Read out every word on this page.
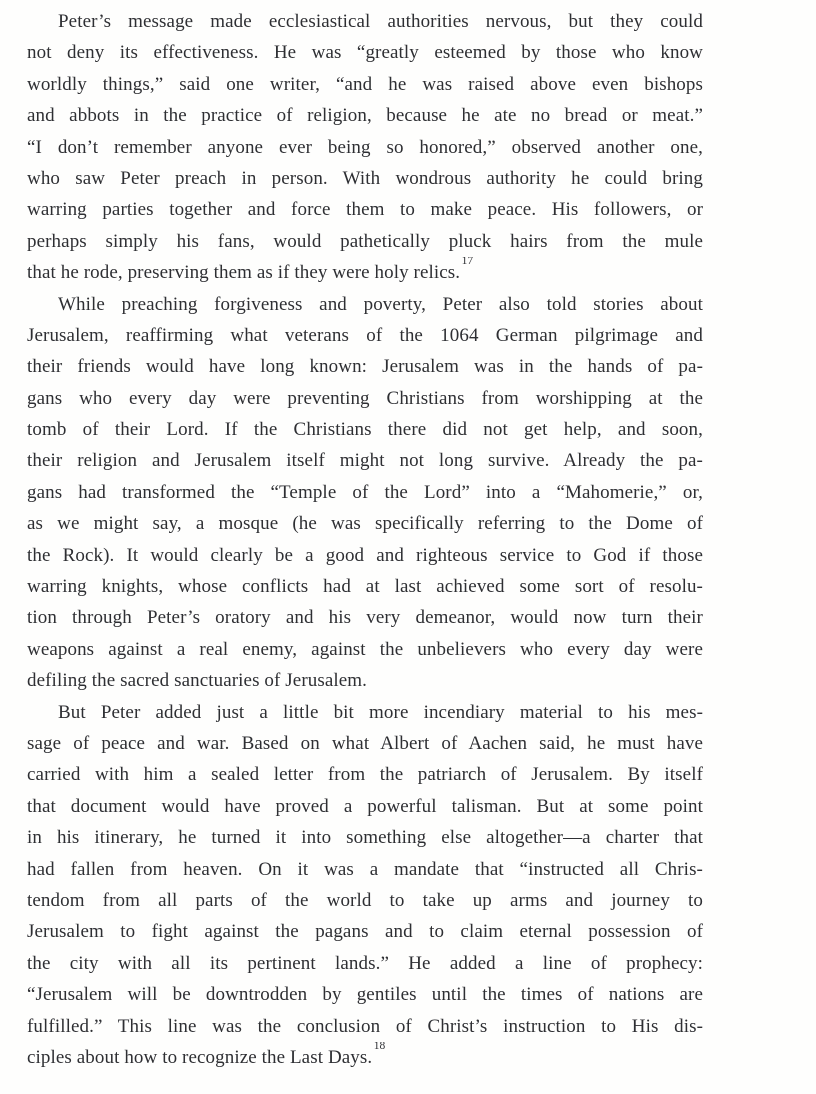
Peter’s message made ecclesiastical authorities nervous, but they could
not deny its effectiveness. He was “greatly esteemed by those who know
worldly things,” said one writer, “and he was raised above even bishops
and abbots in the practice of religion, because he ate no bread or meat.”
“I don’t remember anyone ever being so honored,” observed another one,
who saw Peter preach in person. With wondrous authority he could bring
warring parties together and force them to make peace. His followers, or
perhaps simply his fans, would pathetically pluck hairs from the mule
that he rode, preserving them as if they were holy relics.$^{17}$
While preaching forgiveness and poverty, Peter also told stories about
Jerusalem, reaffirming what veterans of the 1064 German pilgrimage and
their friends would have long known: Jerusalem was in the hands of pa-
gans who every day were preventing Christians from worshipping at the
tomb of their Lord. If the Christians there did not get help, and soon,
their religion and Jerusalem itself might not long survive. Already the pa-
gans had transformed the “Temple of the Lord” into a “Mahomerie,” or,
as we might say, a mosque (he was specifically referring to the Dome of
the Rock). It would clearly be a good and righteous service to God if those
warring knights, whose conflicts had at last achieved some sort of resolu-
tion through Peter’s oratory and his very demeanor, would now turn their
weapons against a real enemy, against the unbelievers who every day were
defiling the sacred sanctuaries of Jerusalem.
But Peter added just a little bit more incendiary material to his mes-
sage of peace and war. Based on what Albert of Aachen said, he must have
carried with him a sealed letter from the patriarch of Jerusalem. By itself
that document would have proved a powerful talisman. But at some point
in his itinerary, he turned it into something else altogether—a charter that
had fallen from heaven. On it was a mandate that “instructed all Chris-
tendom from all parts of the world to take up arms and journey to
Jerusalem to fight against the pagans and to claim eternal possession of
the city with all its pertinent lands.” He added a line of prophecy:
“Jerusalem will be downtrodden by gentiles until the times of nations are
fulfilled.” This line was the conclusion of Christ’s instruction to His dis-
ciples about how to recognize the Last Days.$^{18}$
